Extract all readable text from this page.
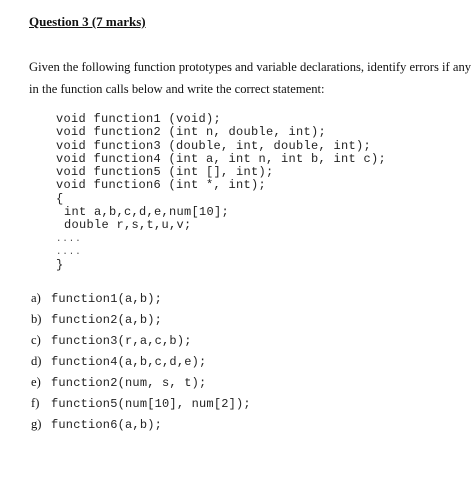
Question 3 (7 marks)
Given the following function prototypes and variable declarations, identify errors if any
in the function calls below and write the correct statement:
void function1 (void);
void function2 (int n, double, int);
void function3 (double, int, double, int);
void function4 (int a, int n, int b, int c);
void function5 (int [], int);
void function6 (int *, int);
{
int a,b,c,d,e,num[10];
double r,s,t,u,v;
....
....
}
a) function1(a,b);
b) function2(a,b);
c) function3(r,a,c,b);
d) function4(a,b,c,d,e);
e) function2(num, s, t);
f) function5(num[10], num[2]);
g) function6(a,b);
